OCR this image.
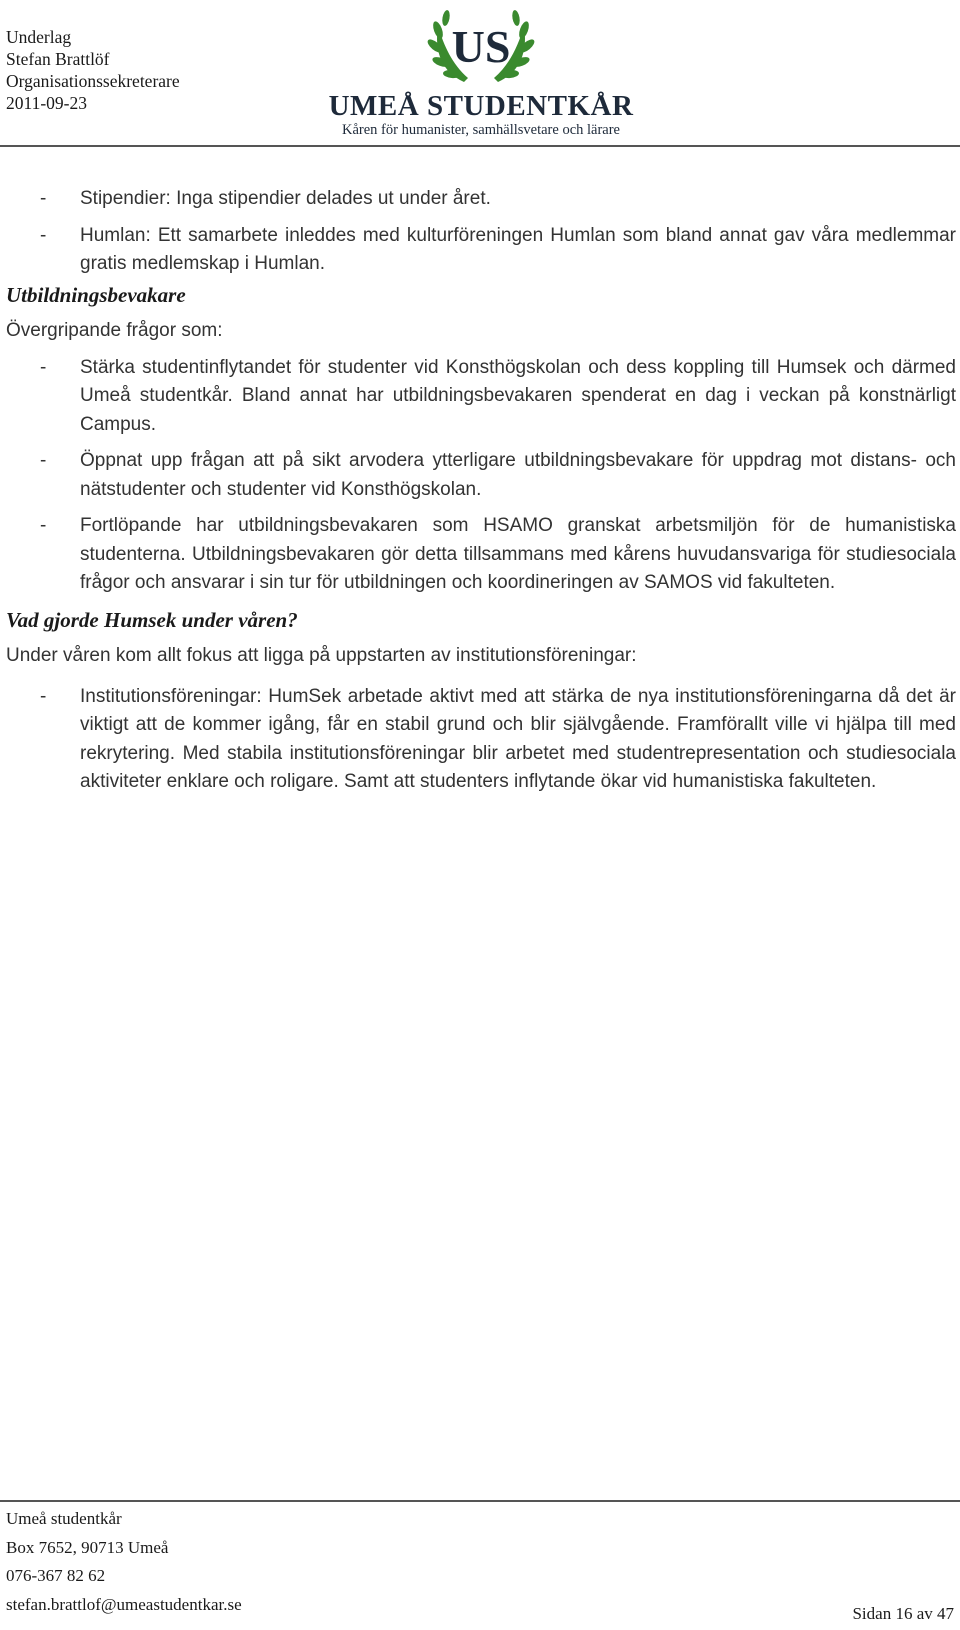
Underlag
Stefan Brattlöf
Organisationssekreterare
2011-09-23
US
UMEÅ STUDENTKÅR
Kåren för humanister, samhällsvetare och lärare
- Stipendier: Inga stipendier delades ut under året.
- Humlan: Ett samarbete inleddes med kulturföreningen Humlan som bland annat gav våra medlemmar gratis medlemskap i Humlan.
Utbildningsbevakare
Övergripande frågor som:
- Stärka studentinflytandet för studenter vid Konsthögskolan och dess koppling till Humsek och därmed Umeå studentkår. Bland annat har utbildningsbevakaren spenderat en dag i veckan på konstnärligt Campus.
- Öppnat upp frågan att på sikt arvodera ytterligare utbildningsbevakare för uppdrag mot distans- och nätstudenter och studenter vid Konsthögskolan.
- Fortlöpande har utbildningsbevakaren som HSAMO granskat arbetsmiljön för de humanistiska studenterna. Utbildningsbevakaren gör detta tillsammans med kårens huvudansvariga för studiesociala frågor och ansvarar i sin tur för utbildningen och koordineringen av SAMOS vid fakulteten.
Vad gjorde Humsek under våren?
Under våren kom allt fokus att ligga på uppstarten av institutionsföreningar:
- Institutionsföreningar: HumSek arbetade aktivt med att stärka de nya institutionsföreningarna då det är viktigt att de kommer igång, får en stabil grund och blir självgående. Framförallt ville vi hjälpa till med rekrytering. Med stabila institutionsföreningar blir arbetet med studentrepresentation och studiesociala aktiviteter enklare och roligare. Samt att studenters inflytande ökar vid humanistiska fakulteten.
Umeå studentkår
Box 7652, 90713 Umeå
076-367 82 62
stefan.brattlof@umeastudentkar.se	Sidan 16 av 47
